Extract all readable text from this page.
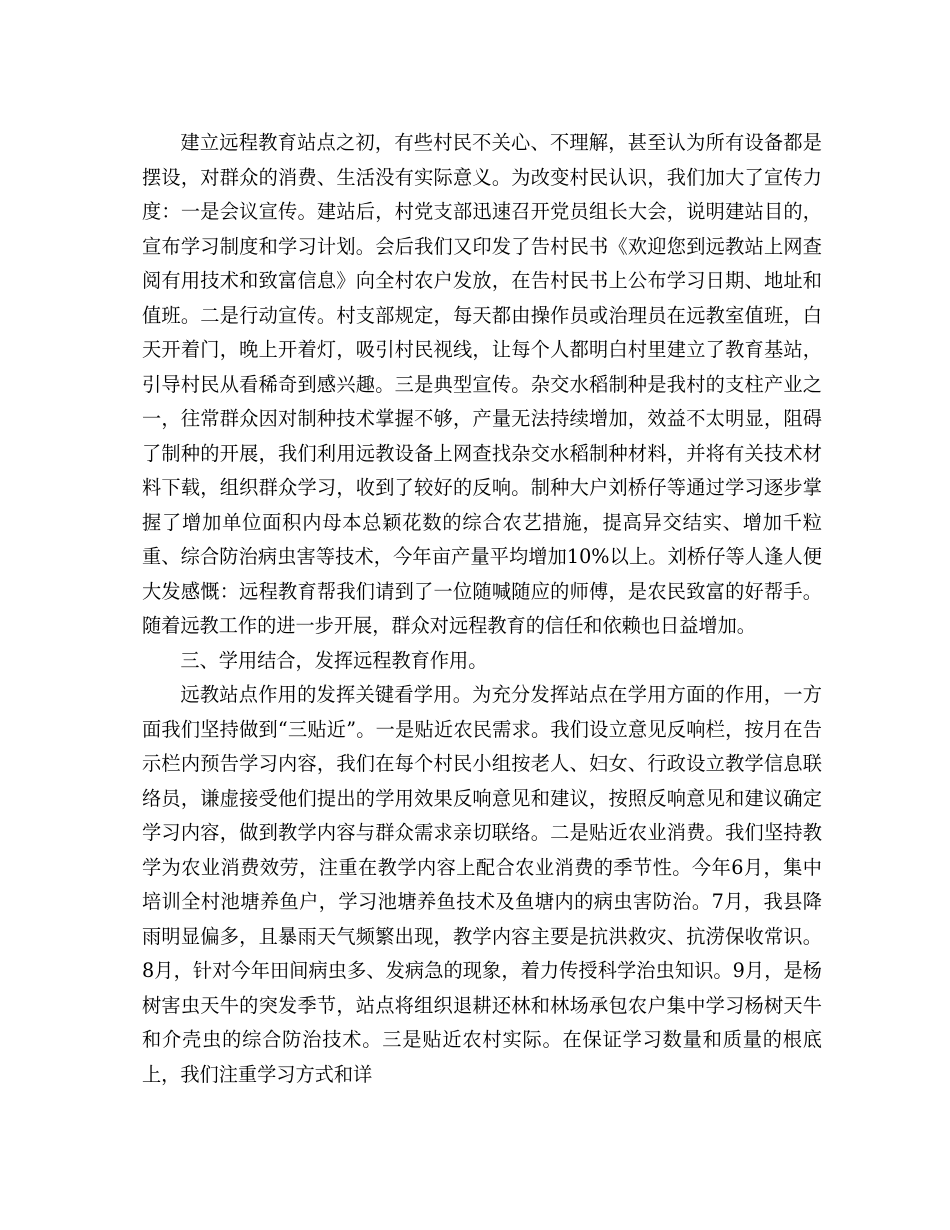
建立远程教育站点之初，有些村民不关心、不理解，甚至认为所有设备都是摆设，对群众的消费、生活没有实际意义。为改变村民认识，我们加大了宣传力度：一是会议宣传。建站后，村党支部迅速召开党员组长大会，说明建站目的，宣布学习制度和学习计划。会后我们又印发了告村民书《欢迎您到远教站上网查阅有用技术和致富信息》向全村农户发放，在告村民书上公布学习日期、地址和值班。二是行动宣传。村支部规定，每天都由操作员或治理员在远教室值班，白天开着门，晚上开着灯，吸引村民视线，让每个人都明白村里建立了教育基站，引导村民从看稀奇到感兴趣。三是典型宣传。杂交水稻制种是我村的支柱产业之一，往常群众因对制种技术掌握不够，产量无法持续增加，效益不太明显，阻碍了制种的开展，我们利用远教设备上网查找杂交水稻制种材料，并将有关技术材料下载，组织群众学习，收到了较好的反响。制种大户刘桥仔等通过学习逐步掌握了增加单位面积内母本总颖花数的综合农艺措施，提高异交结实、增加千粒重、综合防治病虫害等技术，今年亩产量平均增加10%以上。刘桥仔等人逢人便大发感慨：远程教育帮我们请到了一位随喊随应的师傅，是农民致富的好帮手。随着远教工作的进一步开展，群众对远程教育的信任和依赖也日益增加。

三、学用结合，发挥远程教育作用。

远教站点作用的发挥关键看学用。为充分发挥站点在学用方面的作用，一方面我们坚持做到“三贴近”。一是贴近农民需求。我们设立意见反响栏，按月在告示栏内预告学习内容，我们在每个村民小组按老人、妇女、行政设立教学信息联络员，谦虚接受他们提出的学用效果反响意见和建议，按照反响意见和建议确定学习内容，做到教学内容与群众需求亲切联络。二是贴近农业消费。我们坚持教学为农业消费效劳，注重在教学内容上配合农业消费的季节性。今年6月，集中培训全村池塘养鱼户，学习池塘养鱼技术及鱼塘内的病虫害防治。7月，我县降雨明显偏多，且暴雨天气频繁出现，教学内容主要是抗洪救灾、抗涝保收常识。8月，针对今年田间病虫多、发病急的现象，着力传授科学治虫知识。9月，是杨树害虫天牛的突发季节，站点将组织退耕还林和林场承包农户集中学习杨树天牛和介壳虫的综合防治技术。三是贴近农村实际。在保证学习数量和质量的根底上，我们注重学习方式和详
